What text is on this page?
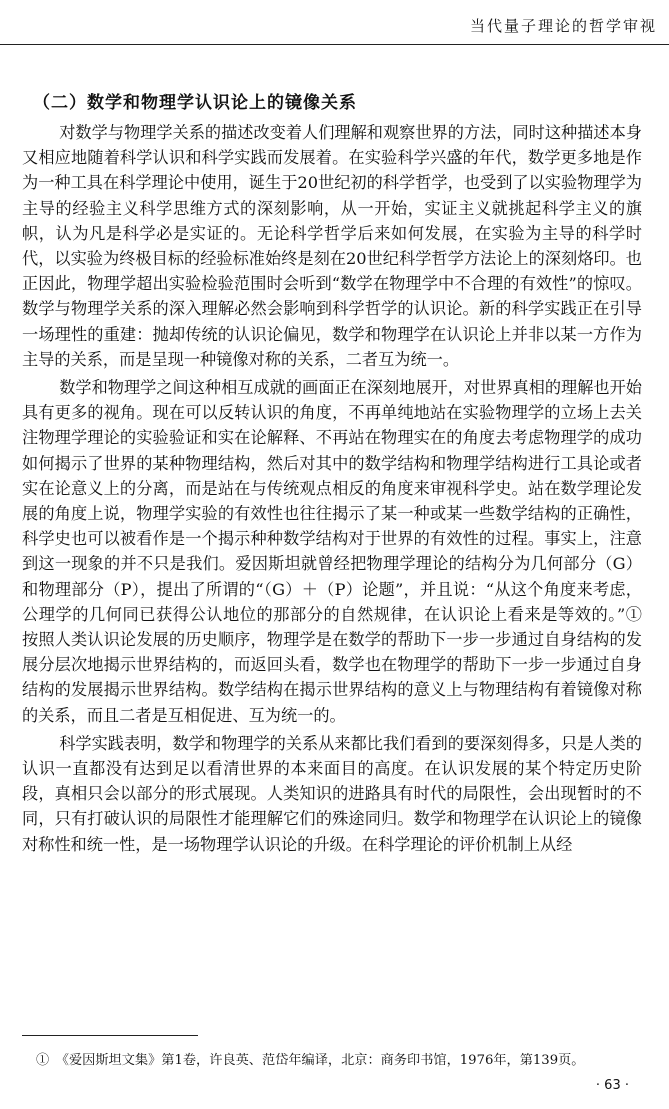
当代量子理论的哲学审视
（二）数学和物理学认识论上的镜像关系

对数学与物理学关系的描述改变着人们理解和观察世界的方法，同时这种描述本身又相应地随着科学认识和科学实践而发展着。在实验科学兴盛的年代，数学更多地是作为一种工具在科学理论中使用，诞生于20世纪初的科学哲学，也受到了以实验物理学为主导的经验主义科学思维方式的深刻影响，从一开始，实证主义就挑起科学主义的旗帜，认为凡是科学必是实证的。无论科学哲学后来如何发展，在实验为主导的科学时代，以实验为终极目标的经验标准始终是刻在20世纪科学哲学方法论上的深刻烙印。也正因此，物理学超出实验检验范围时会听到“数学在物理学中不合理的有效性”的惊叹。数学与物理学关系的深入理解必然会影响到科学哲学的认识论。新的科学实践正在引导一场理性的重建：抛却传统的认识论偏见，数学和物理学在认识论上并非以某一方作为主导的关系，而是呈现一种镜像对称的关系，二者互为统一。

数学和物理学之间这种相互成就的画面正在深刻地展开，对世界真相的理解也开始具有更多的视角。现在可以反转认识的角度，不再单纯地站在实验物理学的立场上去关注物理学理论的实验验证和实在论解释、不再站在物理实在的角度去考虑物理学的成功如何揭示了世界的某种物理结构，然后对其中的数学结构和物理学结构进行工具论或者实在论意义上的分离，而是站在与传统观点相反的角度来审视科学史。站在数学理论发展的角度上说，物理学实验的有效性也往往揭示了某一种或某一些数学结构的正确性，科学史也可以被看作是一个揭示种种数学结构对于世界的有效性的过程。事实上，注意到这一现象的并不只是我们。爱因斯坦就曾经把物理学理论的结构分为几何部分（G）和物理部分（P），提出了所谓的“（G）＋（P）论题”，并且说：“从这个角度来考虑，公理学的几何同已获得公认地位的那部分的自然规律，在认识论上看来是等效的。”① 按照人类认识论发展的历史顺序，物理学是在数学的帮助下一步一步通过自身结构的发展分层次地揭示世界结构的，而返回头看，数学也在物理学的帮助下一步一步通过自身结构的发展揭示世界结构。数学结构在揭示世界结构的意义上与物理结构有着镜像对称的关系，而且二者是互相促进、互为统一的。

科学实践表明，数学和物理学的关系从来都比我们看到的要深刻得多，只是人类的认识一直都没有达到足以看清世界的本来面目的高度。在认识发展的某个特定历史阶段，真相只会以部分的形式展现。人类知识的进路具有时代的局限性，会出现暂时的不同，只有打破认识的局限性才能理解它们的殊途同归。数学和物理学在认识论上的镜像对称性和统一性，是一场物理学认识论的升级。在科学理论的评价机制上从经

①　《爱因斯坦文集》第1卷，许良英、范岱年编译，北京：商务印书馆，1976年，第139页。
· 63 ·
